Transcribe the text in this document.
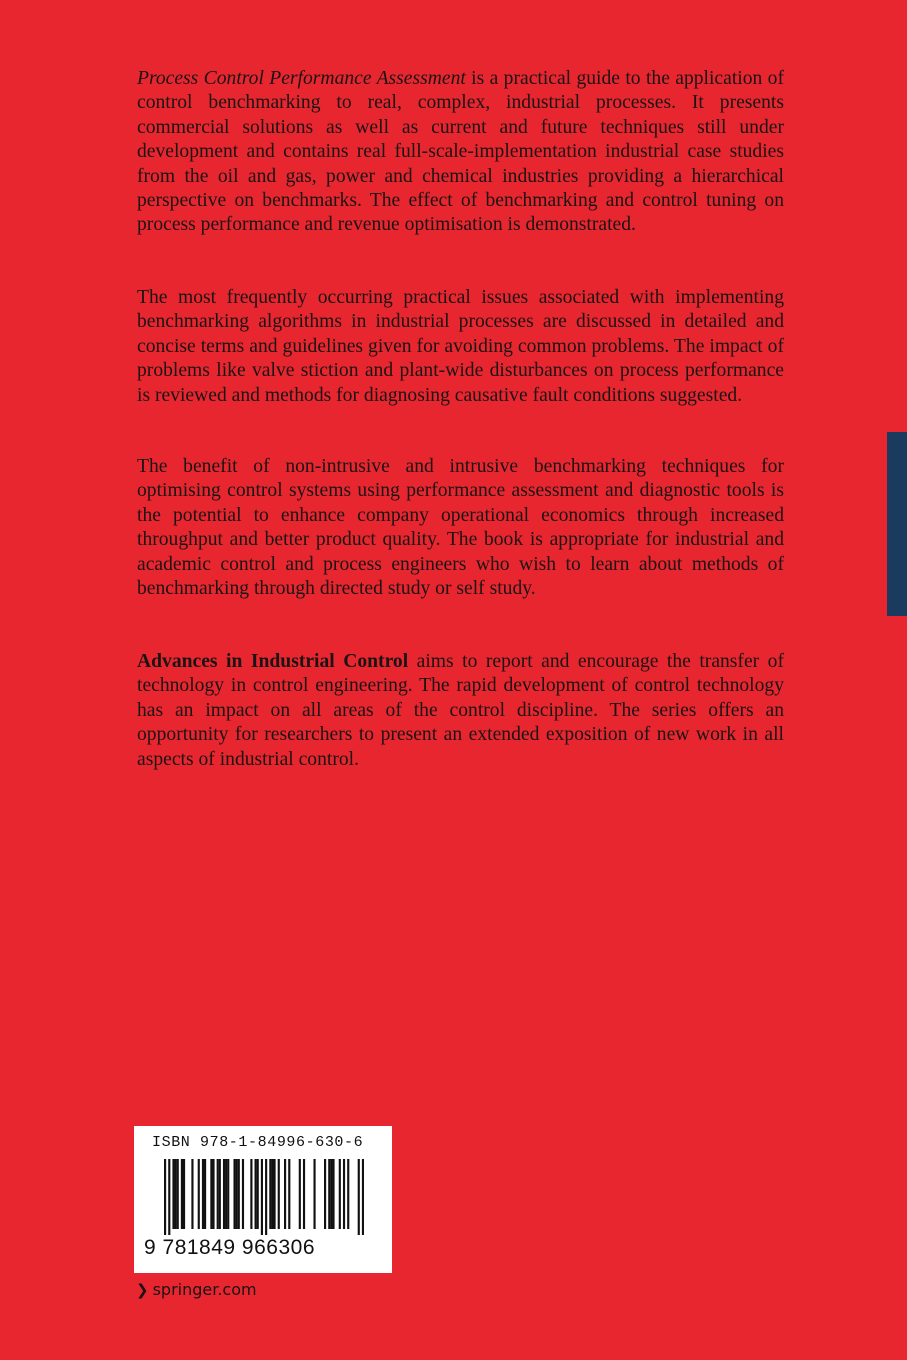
Process Control Performance Assessment is a practical guide to the application of control benchmarking to real, complex, industrial processes. It presents commercial solutions as well as current and future techniques still under development and contains real full-scale-implementation industrial case studies from the oil and gas, power and chemical industries providing a hierarchical perspective on benchmarks. The effect of benchmarking and control tuning on process performance and revenue optimisation is demonstrated.
The most frequently occurring practical issues associated with implementing benchmarking algorithms in industrial processes are discussed in detailed and concise terms and guidelines given for avoiding common problems. The impact of problems like valve stiction and plant-wide disturbances on process performance is reviewed and methods for diagnosing causative fault conditions suggested.
The benefit of non-intrusive and intrusive benchmarking techniques for optimising control systems using performance assessment and diagnostic tools is the potential to enhance company operational economics through increased throughput and better product quality. The book is appropriate for industrial and academic control and process engineers who wish to learn about methods of benchmarking through directed study or self study.
Advances in Industrial Control aims to report and encourage the transfer of technology in control engineering. The rapid development of control technology has an impact on all areas of the control discipline. The series offers an opportunity for researchers to present an extended exposition of new work in all aspects of industrial control.
ISBN 978-1-84996-630-6
9 781849 966306
❯ springer.com
